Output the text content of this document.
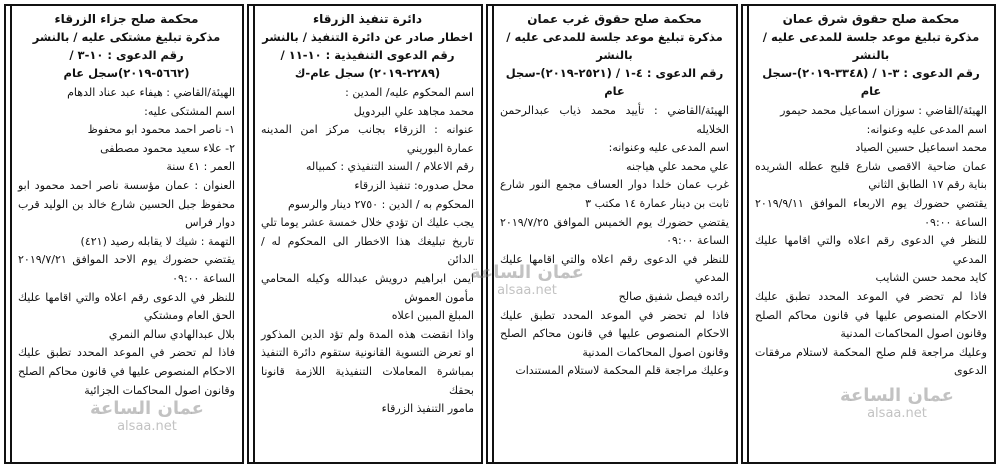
محكمة صلح حقوق شرق عمان
مذكرة تبليغ موعد جلسة للمدعى عليه / بالنشر
رقم الدعوى : ٣-١ / (٣٣٤٨-٢٠١٩)-سجل عام

الهيئة/القاضي : سوزان اسماعيل محمد حيمور

اسم المدعى عليه وعنوانه:

محمد اسماعيل حسين الصياد

عمان ضاحية الاقصى شارع قليح عطله الشريده بناية رقم ١٧ الطابق الثاني

يقتضي حضورك يوم الاربعاء الموافق ٢٠١٩/٩/١١ الساعة ٠٩:٠٠

للنظر في الدعوى رقم اعلاه والتي اقامها عليك المدعي

كايد محمد حسن الشايب

فاذا لم تحضر في الموعد المحدد تطبق عليك الاحكام المنصوص عليها في قانون محاكم الصلح وقانون اصول المحاكمات المدنية

وعليك مراجعة قلم صلح المحكمة لاستلام مرفقات الدعوى

محكمة صلح حقوق غرب عمان
مذكرة تبليغ موعد جلسة للمدعى عليه / بالنشر
رقم الدعوى : ٤-١ / (٢٥٢١-٢٠١٩)-سجل عام

الهيئة/القاضي : تأييد محمد ذياب عبدالرحمن الخلايله

اسم المدعى عليه وعنوانه:

علي محمد علي هياجنه

غرب عمان خلدا دوار العساف مجمع النور شارع ثابت بن دينار عمارة ١٤ مكتب ٣

يقتضي حضورك يوم الخميس الموافق ٢٠١٩/٧/٢٥ الساعة ٠٩:٠٠

للنظر في الدعوى رقم اعلاه والتي اقامها عليك المدعي

رائده فيصل شفيق صالح

فاذا لم تحضر في الموعد المحدد تطبق عليك الاحكام المنصوص عليها في قانون محاكم الصلح وقانون اصول المحاكمات المدنية

وعليك مراجعة قلم المحكمة لاستلام المستندات

دائرة تنفيذ الزرقاء
اخطار صادر عن دائرة التنفيذ / بالنشر
رقم الدعوى التنفيذية : ١٠-١١ / (٢٢٨٩-٢٠١٩) سجل عام-ك

اسم المحكوم عليه/ المدين :

محمد مجاهد علي البردويل

عنوانه : الزرقاء بجانب مركز امن المدينه عمارة البوريني

رقم الاعلام / السند التنفيذي : كمبياله

محل صدوره: تنفيذ الزرقاء

المحكوم به / الدين : ٢٧٥٠ دينار والرسوم

يجب عليك ان تؤدي خلال خمسة عشر يوما تلي تاريخ تبليغك هذا الاخطار الى المحكوم له / الدائن

ايمن ابراهيم درويش عبدالله وكيله المحامي مأمون العموش

المبلغ المبين اعلاه

واذا انقضت هذه المدة ولم تؤد الدين المذكور او تعرض التسوية القانونية ستقوم دائرة التنفيذ بمباشرة المعاملات التنفيذية اللازمة قانونا بحقك

مامور التنفيذ الزرقاء

محكمة صلح جزاء الزرقاء
مذكرة تبليغ مشتكى عليه / بالنشر
رقم الدعوى : ١٠-٣ / (٥٦٦٢-٢٠١٩)سجل عام

الهيئة/القاضي : هيفاء عبد عناد الدهام

اسم المشتكى عليه:

١- ناصر احمد محمود ابو محفوظ

٢- علاء سعيد محمود مصطفى

العمر : ٤١ سنة

العنوان : عمان مؤسسة ناصر احمد محمود ابو محفوظ جبل الحسين شارع خالد بن الوليد قرب دوار فراس

التهمة : شيك لا يقابله رصيد (٤٢١)

يقتضي حضورك يوم الاحد الموافق ٢٠١٩/٧/٢١ الساعة ٠٩:٠٠

للنظر في الدعوى رقم اعلاه والتي اقامها عليك الحق العام ومشتكي

بلال عبدالهادي سالم النمري

فاذا لم تحضر في الموعد المحدد تطبق عليك الاحكام المنصوص عليها في قانون محاكم الصلح وقانون اصول المحاكمات الجزائية

عمان الساعة
alsaa.net
عمان الساعة
alsaa.net
عمان الساعة
alsaa.net
